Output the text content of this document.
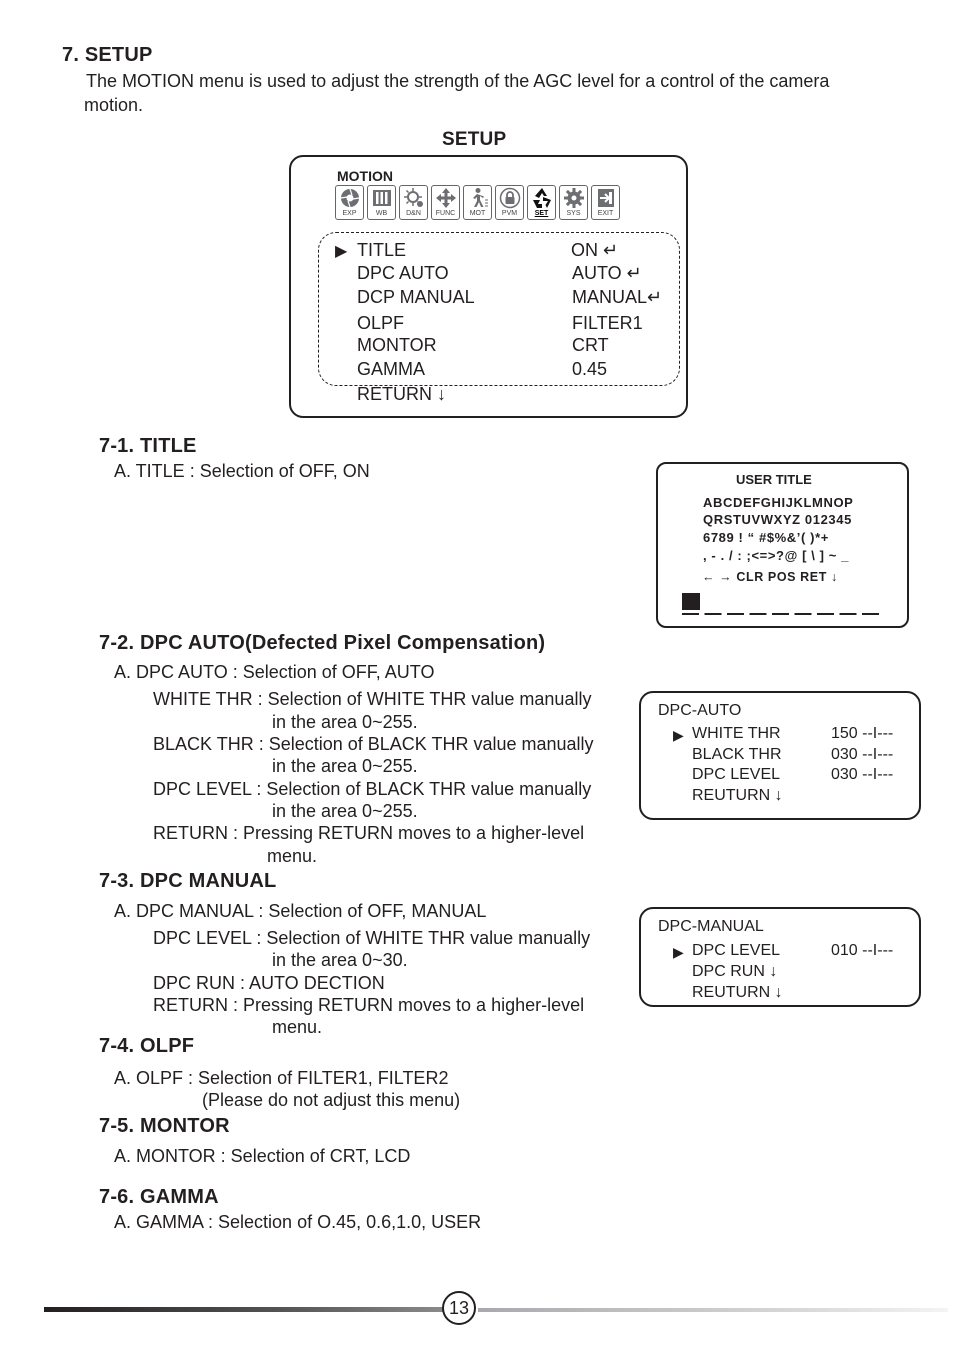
7. SETUP
The MOTION menu is used to adjust the strength of the AGC level for a control of the camera
motion.
SETUP
MOTION
EXP	WB	D&N FUNC MOT PVM	SET	SYS EXIT
▶ TITLE	ON ↵
DPC AUTO	AUTO ↵
DCP MANUAL	MANUAL↵
OLPF	FILTER1
MONTOR	CRT
GAMMA	0.45
RETURN ↓
7-1. TITLE
A. TITLE : Selection of OFF, ON	USER TITLE
ABCDEFGHIJKLMNOP
QRSTUVWXYZ 012345
6789 ! “ #$%&’( )*+
, - . / : ;<=>?@ [ \ ] ~ _
← → CLR POS RET ↓
7-2. DPC AUTO(Defected Pixel Compensation)
A. DPC AUTO : Selection of OFF, AUTO
WHITE THR : Selection of WHITE THR value manually
in the area 0~255.
BLACK THR : Selection of BLACK THR value manually
in the area 0~255.
DPC LEVEL : Selection of BLACK THR value manually
in the area 0~255.
RETURN : Pressing RETURN moves to a higher-level
menu.
DPC-AUTO
▶ WHITE THR	150 --I---
BLACK THR	030 --I---
DPC LEVEL	030 --I---
REUTURN ↓
7-3. DPC MANUAL
A. DPC MANUAL : Selection of OFF, MANUAL
DPC LEVEL : Selection of WHITE THR value manually
in the area 0~30.
DPC RUN : AUTO DECTION
RETURN : Pressing RETURN moves to a higher-level
menu.
DPC-MANUAL
▶ DPC LEVEL	010 --I---
DPC RUN ↓
REUTURN ↓
7-4. OLPF
A. OLPF : Selection of FILTER1, FILTER2
(Please do not adjust this menu)
7-5. MONTOR
A. MONTOR : Selection of CRT, LCD
7-6. GAMMA
A. GAMMA : Selection of O.45, 0.6,1.0, USER
13
